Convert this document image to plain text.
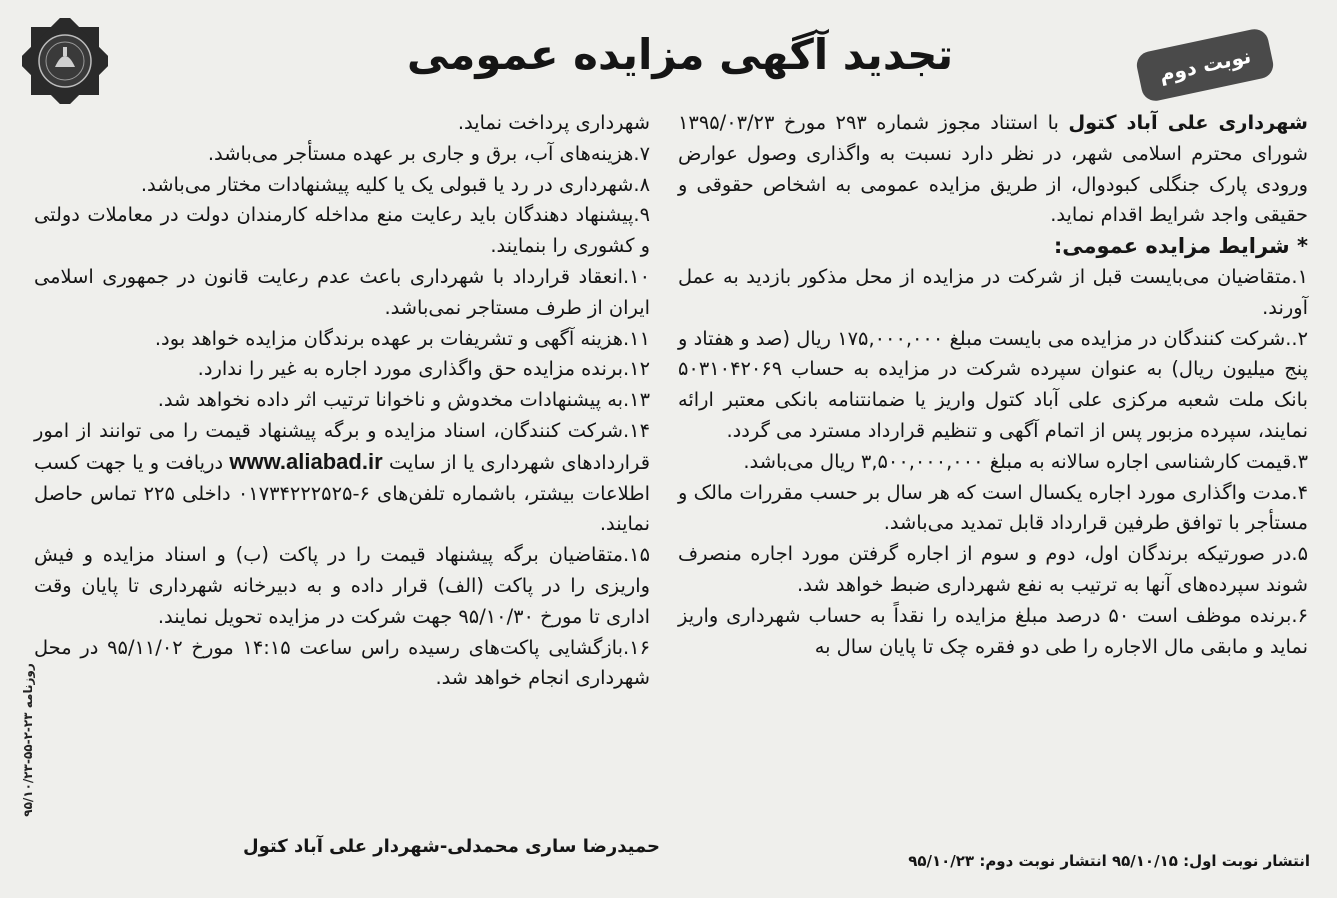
تجدید آگهی مزایده عمومی	نوبت دوم

شهرداری علی آباد کتول با استناد مجوز شماره ۲۹۳ مورخ ۱۳۹۵/۰۳/۲۳ شورای محترم اسلامی شهر، در نظر دارد نسبت به واگذاری وصول عوارض ورودی پارک جنگلی کبودوال، از طریق مزایده عمومی به اشخاص حقوقی و حقیقی واجد شرایط اقدام نماید.

* شرایط مزایده عمومی:

۱.متقاضیان می‌بایست قبل از شرکت در مزایده از محل مذکور بازدید به عمل آورند.

۲..شرکت کنندگان در مزایده می بایست مبلغ ۱۷۵,۰۰۰,۰۰۰ ریال (صد و هفتاد و پنج میلیون ریال) به عنوان سپرده شرکت در مزایده به حساب ۵۰۳۱۰۴۲۰۶۹ بانک ملت شعبه مرکزی علی آباد کتول واریز یا ضمانتنامه بانکی معتبر ارائه نمایند، سپرده مزبور پس از اتمام آگهی و تنظیم قرارداد مسترد می گردد.

۳.قیمت کارشناسی اجاره سالانه به مبلغ ۳,۵۰۰,۰۰۰,۰۰۰ ریال می‌باشد.

۴.مدت واگذاری مورد اجاره یکسال است که هر سال بر حسب مقررات مالک و مستأجر با توافق طرفین قرارداد قابل تمدید می‌باشد.

۵.در صورتیکه برندگان اول، دوم و سوم از اجاره گرفتن مورد اجاره منصرف شوند سپرده‌های آنها به ترتیب به نفع شهرداری ضبط خواهد شد.

۶.برنده موظف است ۵۰ درصد مبلغ مزایده را نقداً به حساب شهرداری واریز نماید و مابقی مال الاجاره را طی دو فقره چک تا پایان سال به

شهرداری پرداخت نماید.

۷.هزینه‌های آب، برق و جاری بر عهده مستأجر می‌باشد.

۸.شهرداری در رد یا قبولی یک یا کلیه پیشنهادات مختار می‌باشد.

۹.پیشنهاد دهندگان باید رعایت منع مداخله کارمندان دولت در معاملات دولتی و کشوری را بنمایند.

۱۰.انعقاد قرارداد با شهرداری باعث عدم رعایت قانون در جمهوری اسلامی ایران از طرف مستاجر نمی‌باشد.

۱۱.هزینه آگهی و تشریفات بر عهده برندگان مزایده خواهد بود.

۱۲.برنده مزایده حق واگذاری مورد اجاره به غیر را ندارد.

۱۳.به پیشنهادات مخدوش و ناخوانا ترتیب اثر داده نخواهد شد.

۱۴.شرکت کنندگان، اسناد مزایده و برگه پیشنهاد قیمت را می توانند از امور قراردادهای شهرداری یا از سایت www.aliabad.ir دریافت و یا جهت کسب اطلاعات بیشتر، باشماره تلفن‌های ۶-۰۱۷۳۴۲۲۲۵۲۵ داخلی ۲۲۵ تماس حاصل نمایند.

۱۵.متقاضیان برگه پیشنهاد قیمت را در پاکت (ب) و اسناد مزایده و فیش واریزی را در پاکت (الف) قرار داده و به دبیرخانه شهرداری تا پایان وقت اداری تا مورخ ۹۵/۱۰/۳۰ جهت شرکت در مزایده تحویل نمایند.

۱۶.بازگشایی پاکت‌های رسیده راس ساعت ۱۴:۱۵ مورخ ۹۵/۱۱/۰۲ در محل شهرداری انجام خواهد شد.

حمیدرضا ساری محمدلی-شهردار علی آباد کتول
انتشار نوبت اول: ۹۵/۱۰/۱۵ انتشار نوبت دوم: ۹۵/۱۰/۲۳
روزنامه ۲۳-۲-۵۵-۹۵/۱۰/۲۳
